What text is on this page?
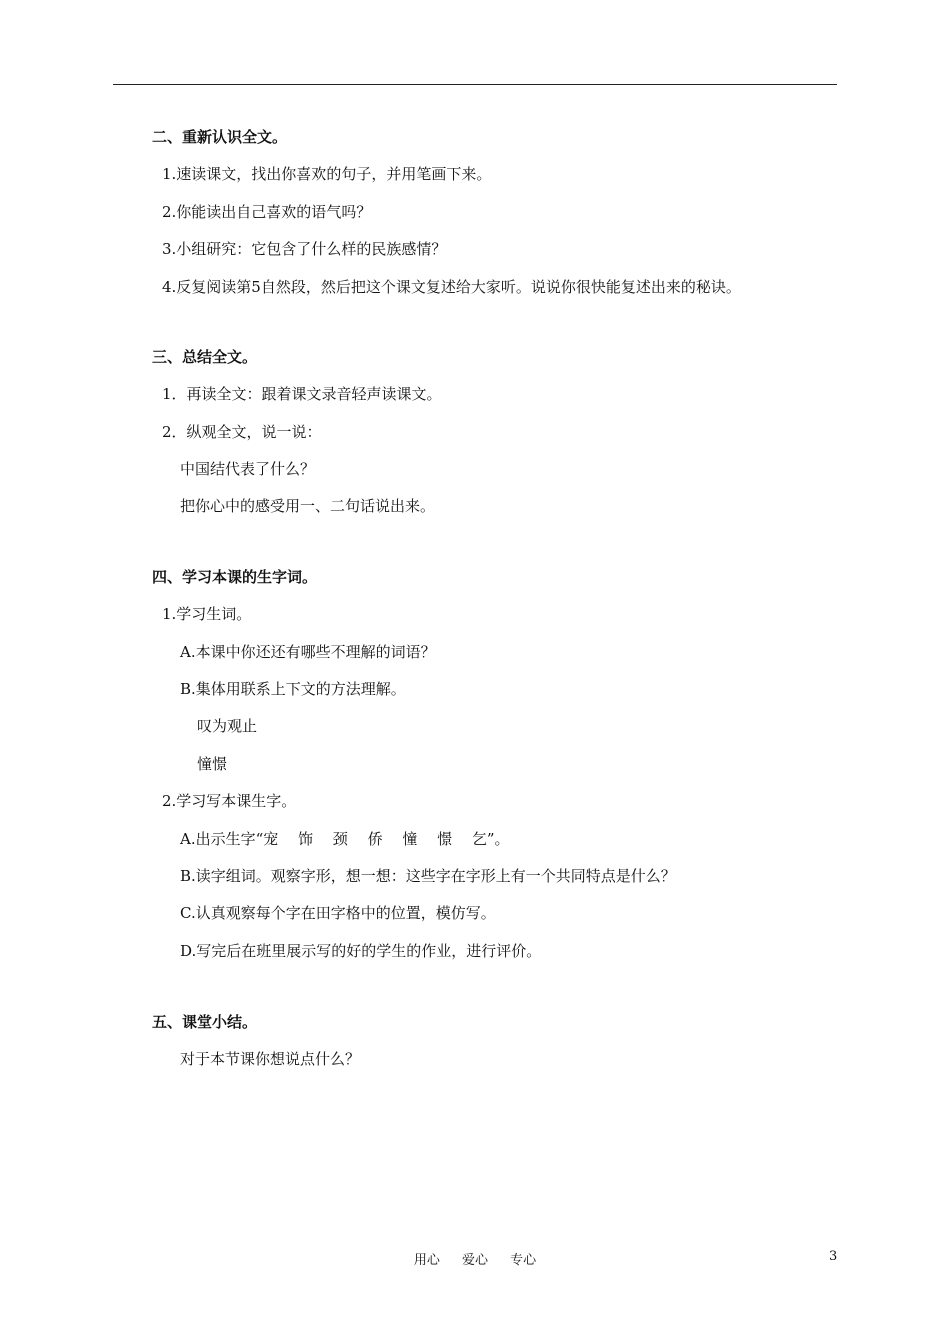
二、重新认识全文。
1.速读课文，找出你喜欢的句子，并用笔画下来。
2.你能读出自己喜欢的语气吗？
3.小组研究：它包含了什么样的民族感情？
4.反复阅读第5自然段，然后把这个课文复述给大家听。说说你很快能复述出来的秘诀。
三、总结全文。
1．再读全文：跟着课文录音轻声读课文。
2．纵观全文，说一说：
中国结代表了什么？
把你心中的感受用一、二句话说出来。
四、学习本课的生字词。
1.学习生词。
A.本课中你还还有哪些不理解的词语？
B.集体用联系上下文的方法理解。
叹为观止
憧憬
2.学习写本课生字。
A.出示生字“宠　 饰　 颈　 侨　 憧　 憬　 乞”。
B.读字组词。观察字形，想一想：这些字在字形上有一个共同特点是什么？
C.认真观察每个字在田字格中的位置，模仿写。
D.写完后在班里展示写的好的学生的作业，进行评价。
五、课堂小结。
对于本节课你想说点什么？
用心 爱心 专心	3
